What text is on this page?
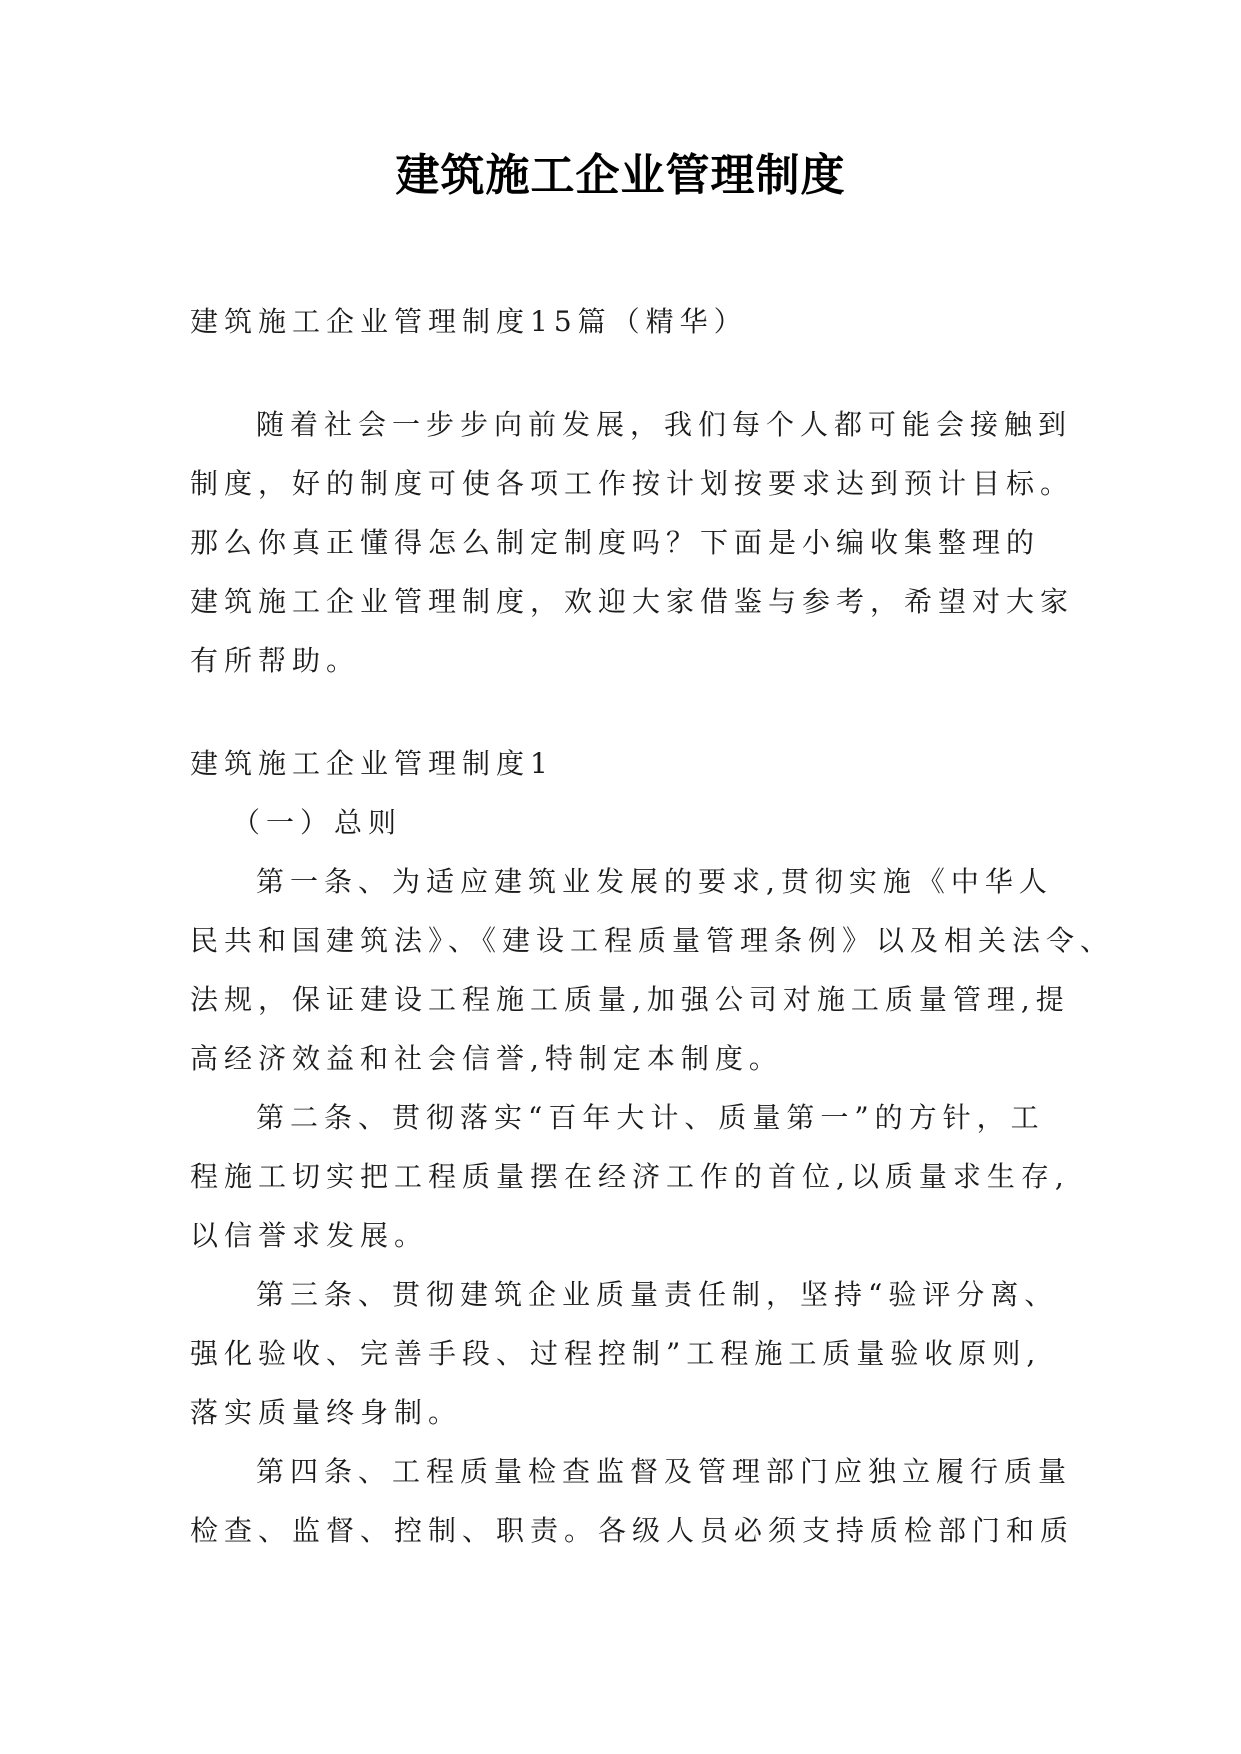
建筑施工企业管理制度
建筑施工企业管理制度15篇（精华）
随着社会一步步向前发展，我们每个人都可能会接触到
制度，好的制度可使各项工作按计划按要求达到预计目标。
那么你真正懂得怎么制定制度吗？下面是小编收集整理的
建筑施工企业管理制度，欢迎大家借鉴与参考，希望对大家
有所帮助。
建筑施工企业管理制度1
（一）总则
第一条、为适应建筑业发展的要求,贯彻实施《中华人
民共和国建筑法》、《建设工程质量管理条例》以及相关法令、
法规，保证建设工程施工质量,加强公司对施工质量管理,提
高经济效益和社会信誉,特制定本制度。
第二条、贯彻落实“百年大计、质量第一”的方针，工
程施工切实把工程质量摆在经济工作的首位,以质量求生存,
以信誉求发展。
第三条、贯彻建筑企业质量责任制，坚持“验评分离、
强化验收、完善手段、过程控制”工程施工质量验收原则,
落实质量终身制。
第四条、工程质量检查监督及管理部门应独立履行质量
检查、监督、控制、职责。各级人员必须支持质检部门和质
